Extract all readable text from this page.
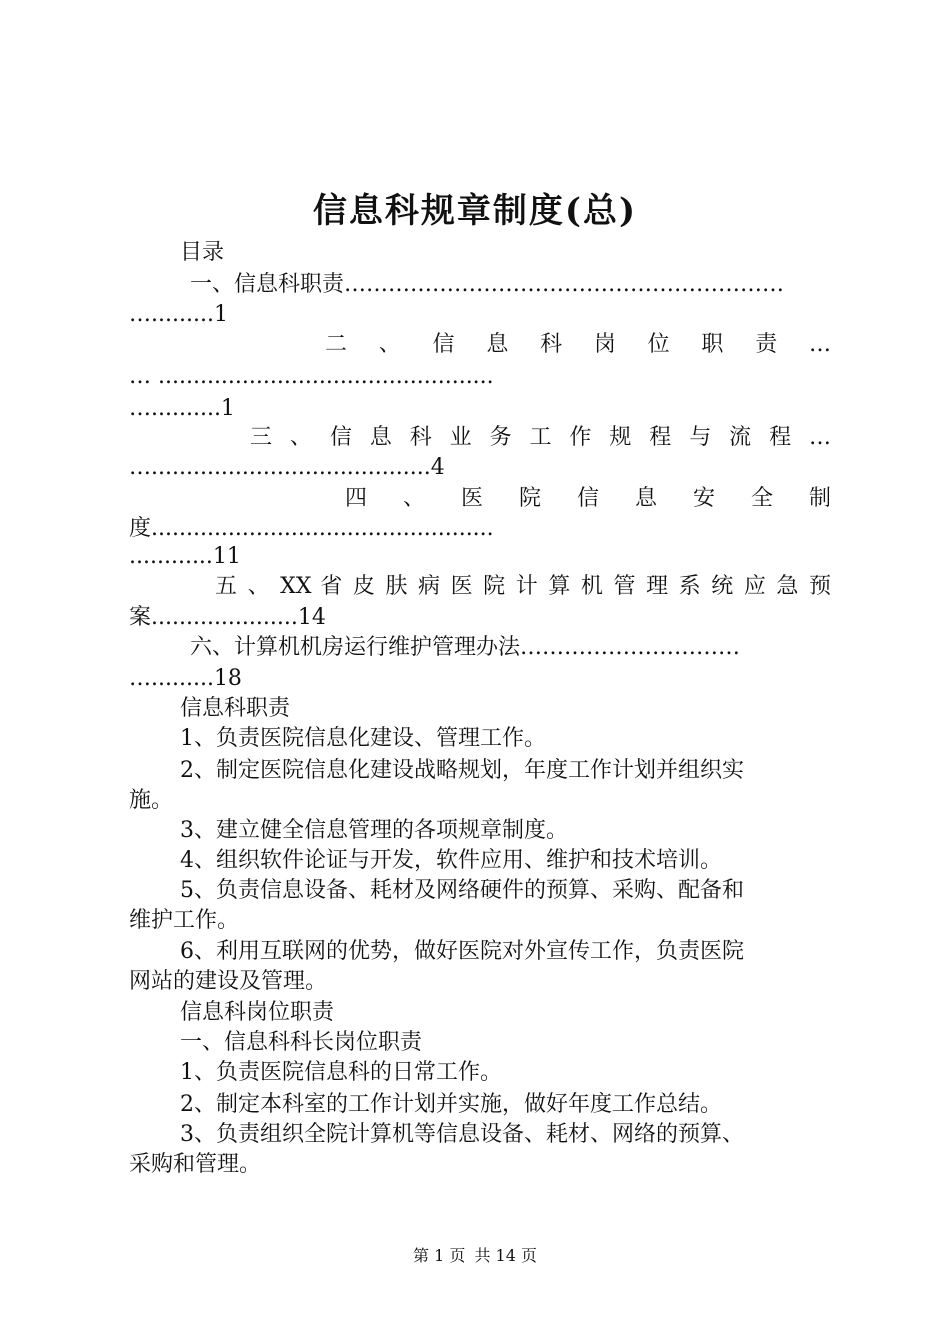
信息科规章制度(总)
目录
一、信息科职责……………………………………………………
….........1
二 、 信 息 科 岗 位 职 责 …
… ................................................
…..........1
三 、 信 息 科 业 务 工 作 规 程 与 流 程 …
…........................................4
四 、 医 院 信 息 安 全 制
度.................................................
............11
五 、 XX 省 皮 肤 病 医 院 计 算 机 管 理 系 统 应 急 预
案.....................14
六、计算机机房运行维护管理办法…………………………
….........18
信息科职责
1、负责医院信息化建设、管理工作。
2、制定医院信息化建设战略规划，年度工作计划并组织实
施。
3、建立健全信息管理的各项规章制度。
4、组织软件论证与开发，软件应用、维护和技术培训。
5、负责信息设备、耗材及网络硬件的预算、采购、配备和
维护工作。
6、利用互联网的优势，做好医院对外宣传工作，负责医院
网站的建设及管理。
信息科岗位职责
一、信息科科长岗位职责
1、负责医院信息科的日常工作。
2、制定本科室的工作计划并实施，做好年度工作总结。
3、负责组织全院计算机等信息设备、耗材、网络的预算、
采购和管理。
第 1 页 共 14 页
